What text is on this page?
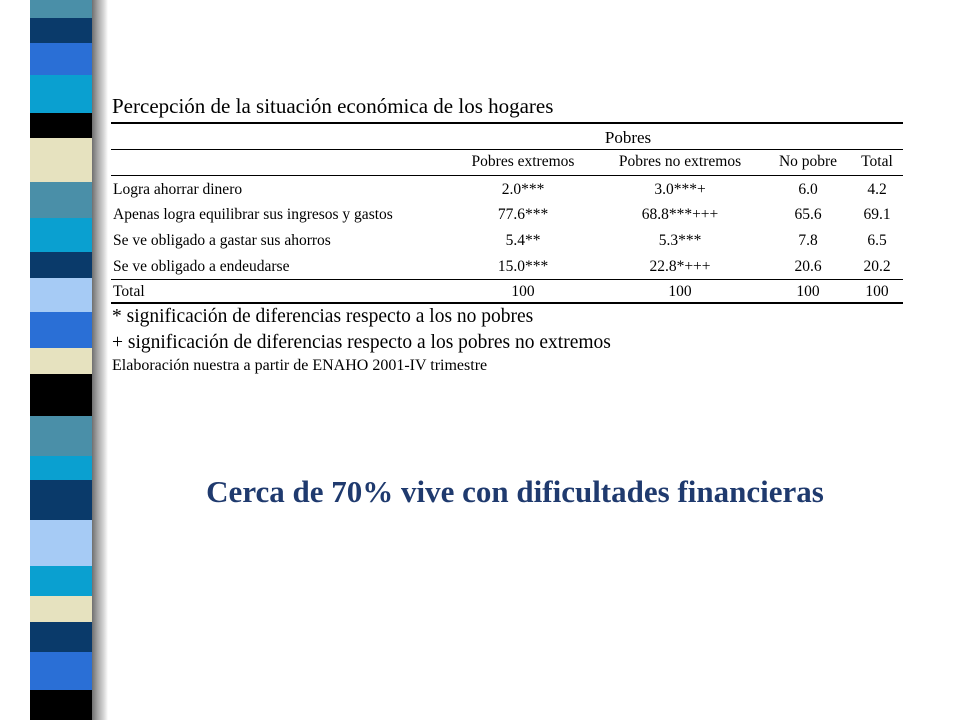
Percepción de la situación económica de los hogares
Pobres
Pobres extremos	Pobres no extremos	No pobre	Total
Logra ahorrar dinero	2.0***	3.0***+	6.0	4.2
Apenas logra equilibrar sus ingresos y gastos	77.6***	68.8***+++	65.6	69.1
Se ve obligado a gastar sus ahorros	5.4**	5.3***	7.8	6.5
Se ve obligado a endeudarse	15.0***	22.8*+++	20.6	20.2
Total	100	100	100	100
* significación de diferencias respecto a los no pobres
+ significación de diferencias respecto a los pobres no extremos
Elaboración nuestra a partir de ENAHO 2001-IV trimestre
Cerca de 70% vive con dificultades financieras
